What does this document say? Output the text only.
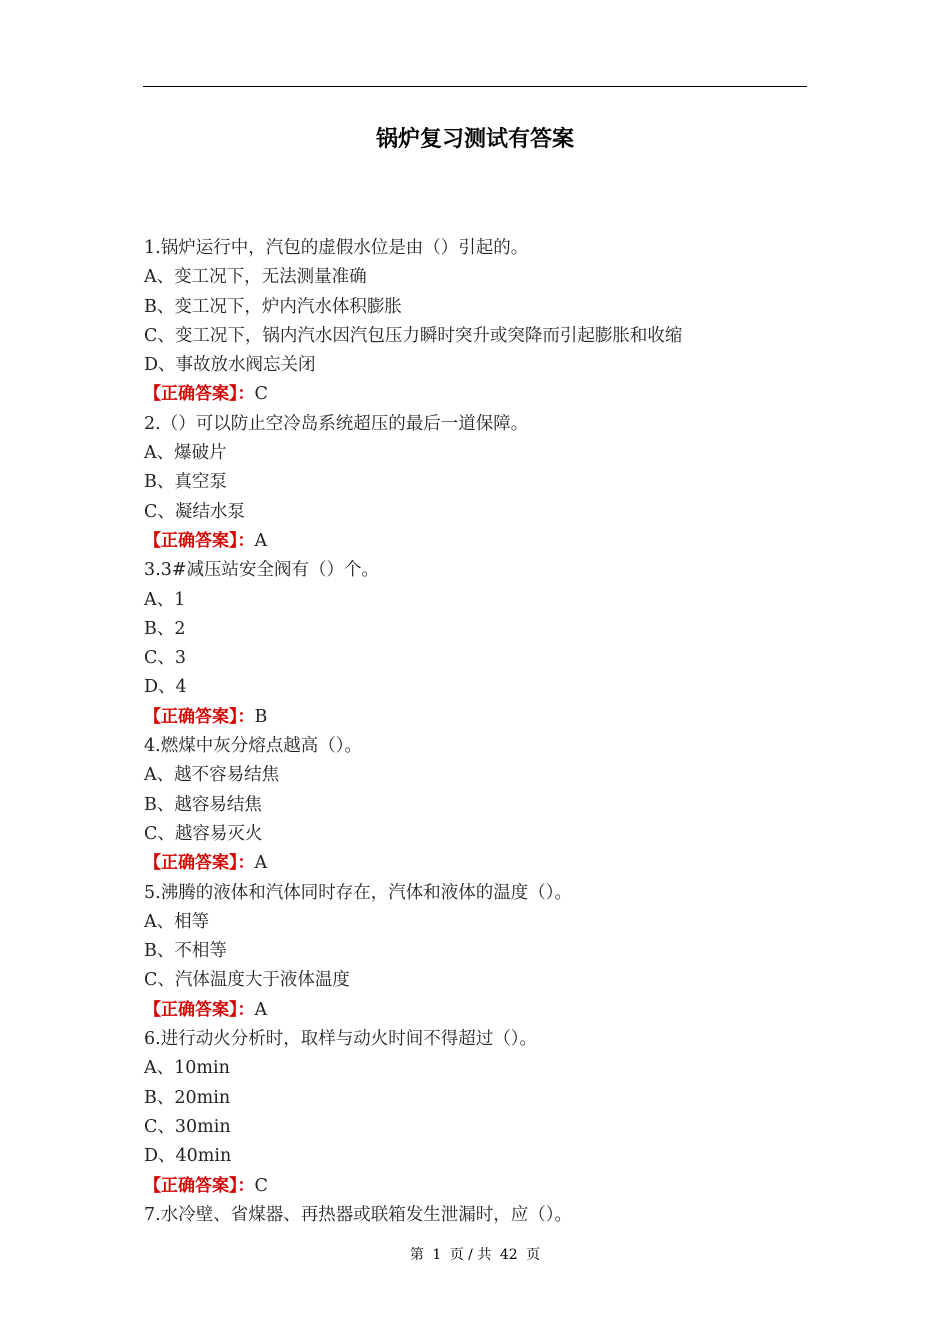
锅炉复习测试有答案
1.锅炉运行中，汽包的虚假水位是由（）引起的。
A、变工况下，无法测量准确
B、变工况下，炉内汽水体积膨胀
C、变工况下，锅内汽水因汽包压力瞬时突升或突降而引起膨胀和收缩
D、事故放水阀忘关闭
【正确答案】：C
2.（）可以防止空冷岛系统超压的最后一道保障。
A、爆破片
B、真空泵
C、凝结水泵
【正确答案】：A
3.3#减压站安全阀有（）个。
A、1
B、2
C、3
D、4
【正确答案】：B
4.燃煤中灰分熔点越高（）。
A、越不容易结焦
B、越容易结焦
C、越容易灭火
【正确答案】：A
5.沸腾的液体和汽体同时存在，汽体和液体的温度（）。
A、相等
B、不相等
C、汽体温度大于液体温度
【正确答案】：A
6.进行动火分析时，取样与动火时间不得超过（）。
A、10min
B、20min
C、30min
D、40min
【正确答案】：C
7.水冷壁、省煤器、再热器或联箱发生泄漏时，应（）。
第 1 页 / 共 42 页
